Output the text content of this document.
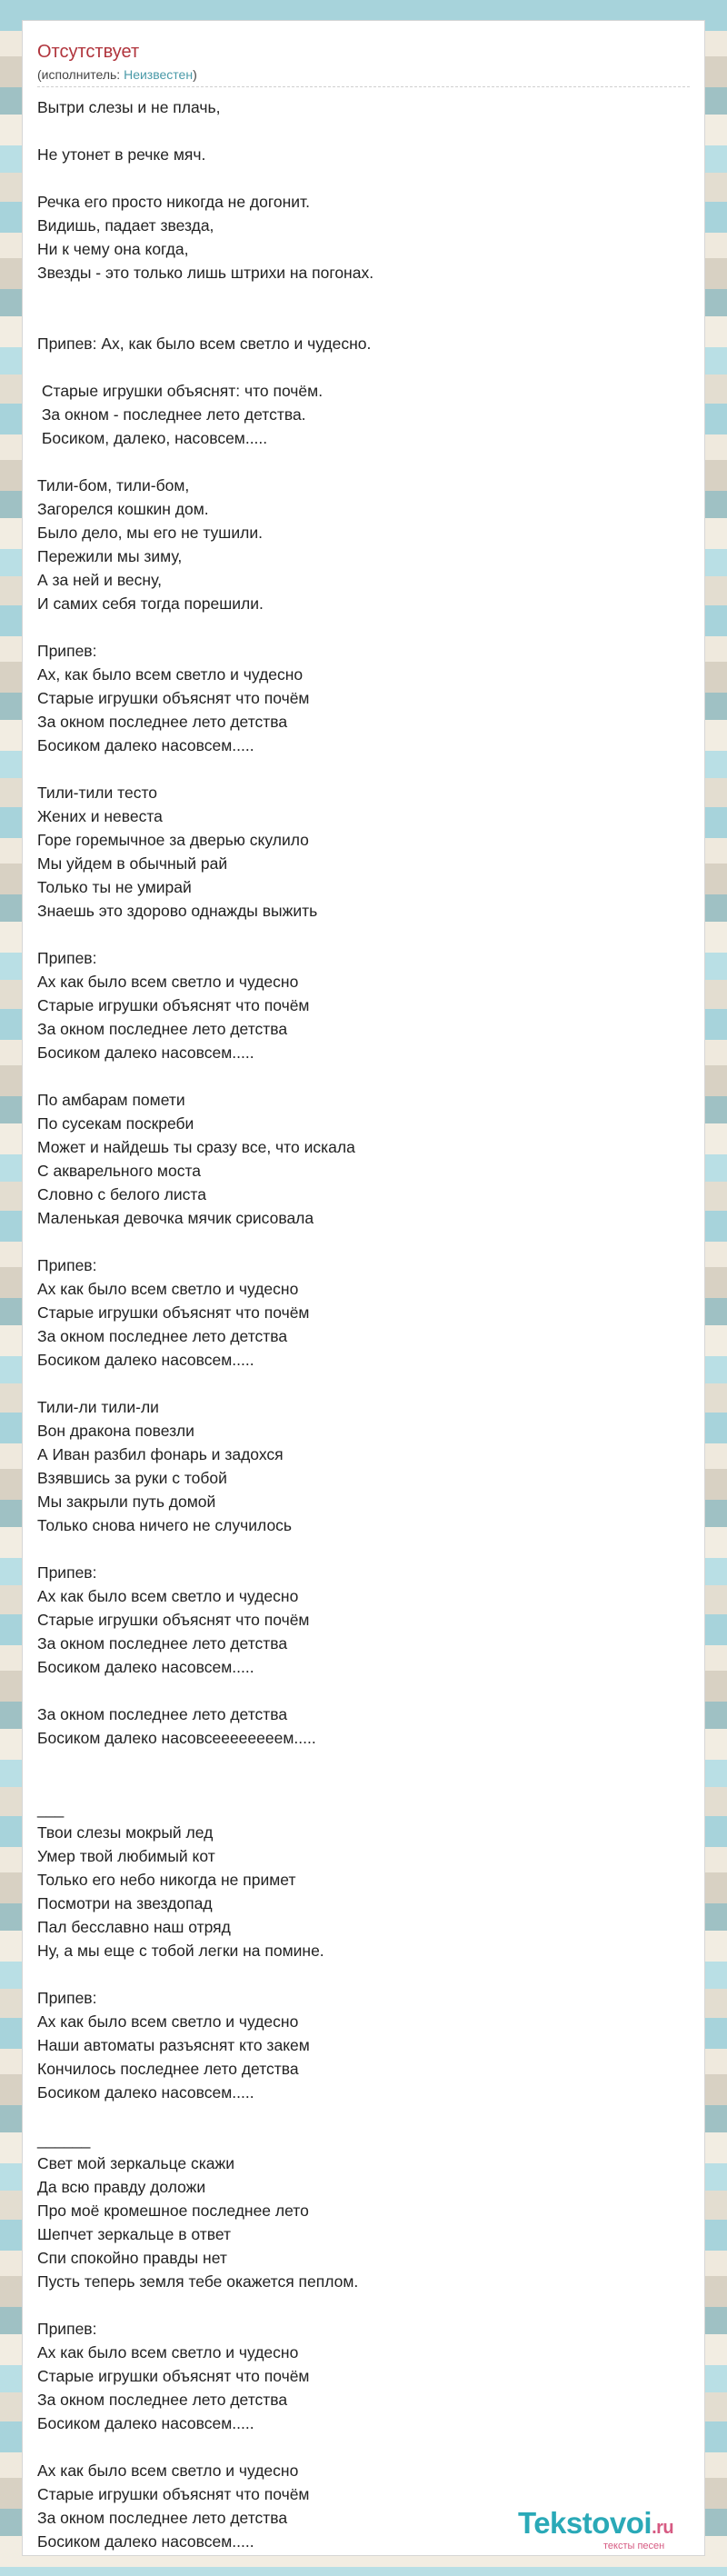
Отсутствует
(исполнитель: Неизвестен)
Вытри слезы и не плачь,

Не утонет в речке мяч.

Речка его просто никогда не догонит.
Видишь, падает звезда,
Ни к чему она когда,
Звезды - это только лишь штрихи на погонах.

Припев: Ах, как было всем светло и чудесно.

Старые игрушки объяснят: что почём.
За окном - последнее лето детства.
Босиком, далеко, насовсем.....

Тили-бом, тили-бом,
Загорелся кошкин дом.
Было дело, мы его не тушили.
Пережили мы зиму,
А за ней и весну,
И самих себя тогда порешили.

Припев:
Ах, как было всем светло и чудесно
Старые игрушки объяснят что почём
За окном последнее лето детства
Босиком далеко насовсем.....

Тили-тили тесто
Жених и невеста
Горе горемычное за дверью скулило
Мы уйдем в обычный рай
Только ты не умирай
Знаешь это здорово однажды выжить

Припев:
Ах как было всем светло и чудесно
Старые игрушки объяснят что почём
За окном последнее лето детства
Босиком далеко насовсем.....

По амбарам помети
По сусекам поскреби
Может и найдешь ты сразу все, что искала
С акварельного моста
Словно с белого листа
Маленькая девочка мячик срисовала

Припев:
Ах как было всем светло и чудесно
Старые игрушки объяснят что почём
За окном последнее лето детства
Босиком далеко насовсем.....

Тили-ли тили-ли
Вон дракона повезли
А Иван разбил фонарь и задохся
Взявшись за руки с тобой
Мы закрыли путь домой
Только снова ничего не случилось

Припев:
Ах как было всем светло и чудесно
Старые игрушки объяснят что почём
За окном последнее лето детства
Босиком далеко насовсем.....

За окном последнее лето детства
Босиком далеко насовсеееееееем.....

___
Твои слезы мокрый лед
Умер твой любимый кот
Только его небо никогда не примет
Посмотри на звездопад
Пал бесславно наш отряд
Ну, а мы еще с тобой легки на помине.

Припев:
Ах как было всем светло и чудесно
Наши автоматы разъяснят кто закем
Кончилось последнее лето детства
Босиком далеко насовсем.....

______
Свет мой зеркальце скажи
Да всю правду доложи
Про моё кромешное последнее лето
Шепчет зеркальце в ответ
Спи спокойно правды нет
Пусть теперь земля тебе окажется пеплом.

Припев:
Ах как было всем светло и чудесно
Старые игрушки объяснят что почём
За окном последнее лето детства
Босиком далеко насовсем.....

Ах как было всем светло и чудесно
Старые игрушки объяснят что почём
За окном последнее лето детства
Босиком далеко насовсем.....
Tekstovoi.ru
тексты песен
